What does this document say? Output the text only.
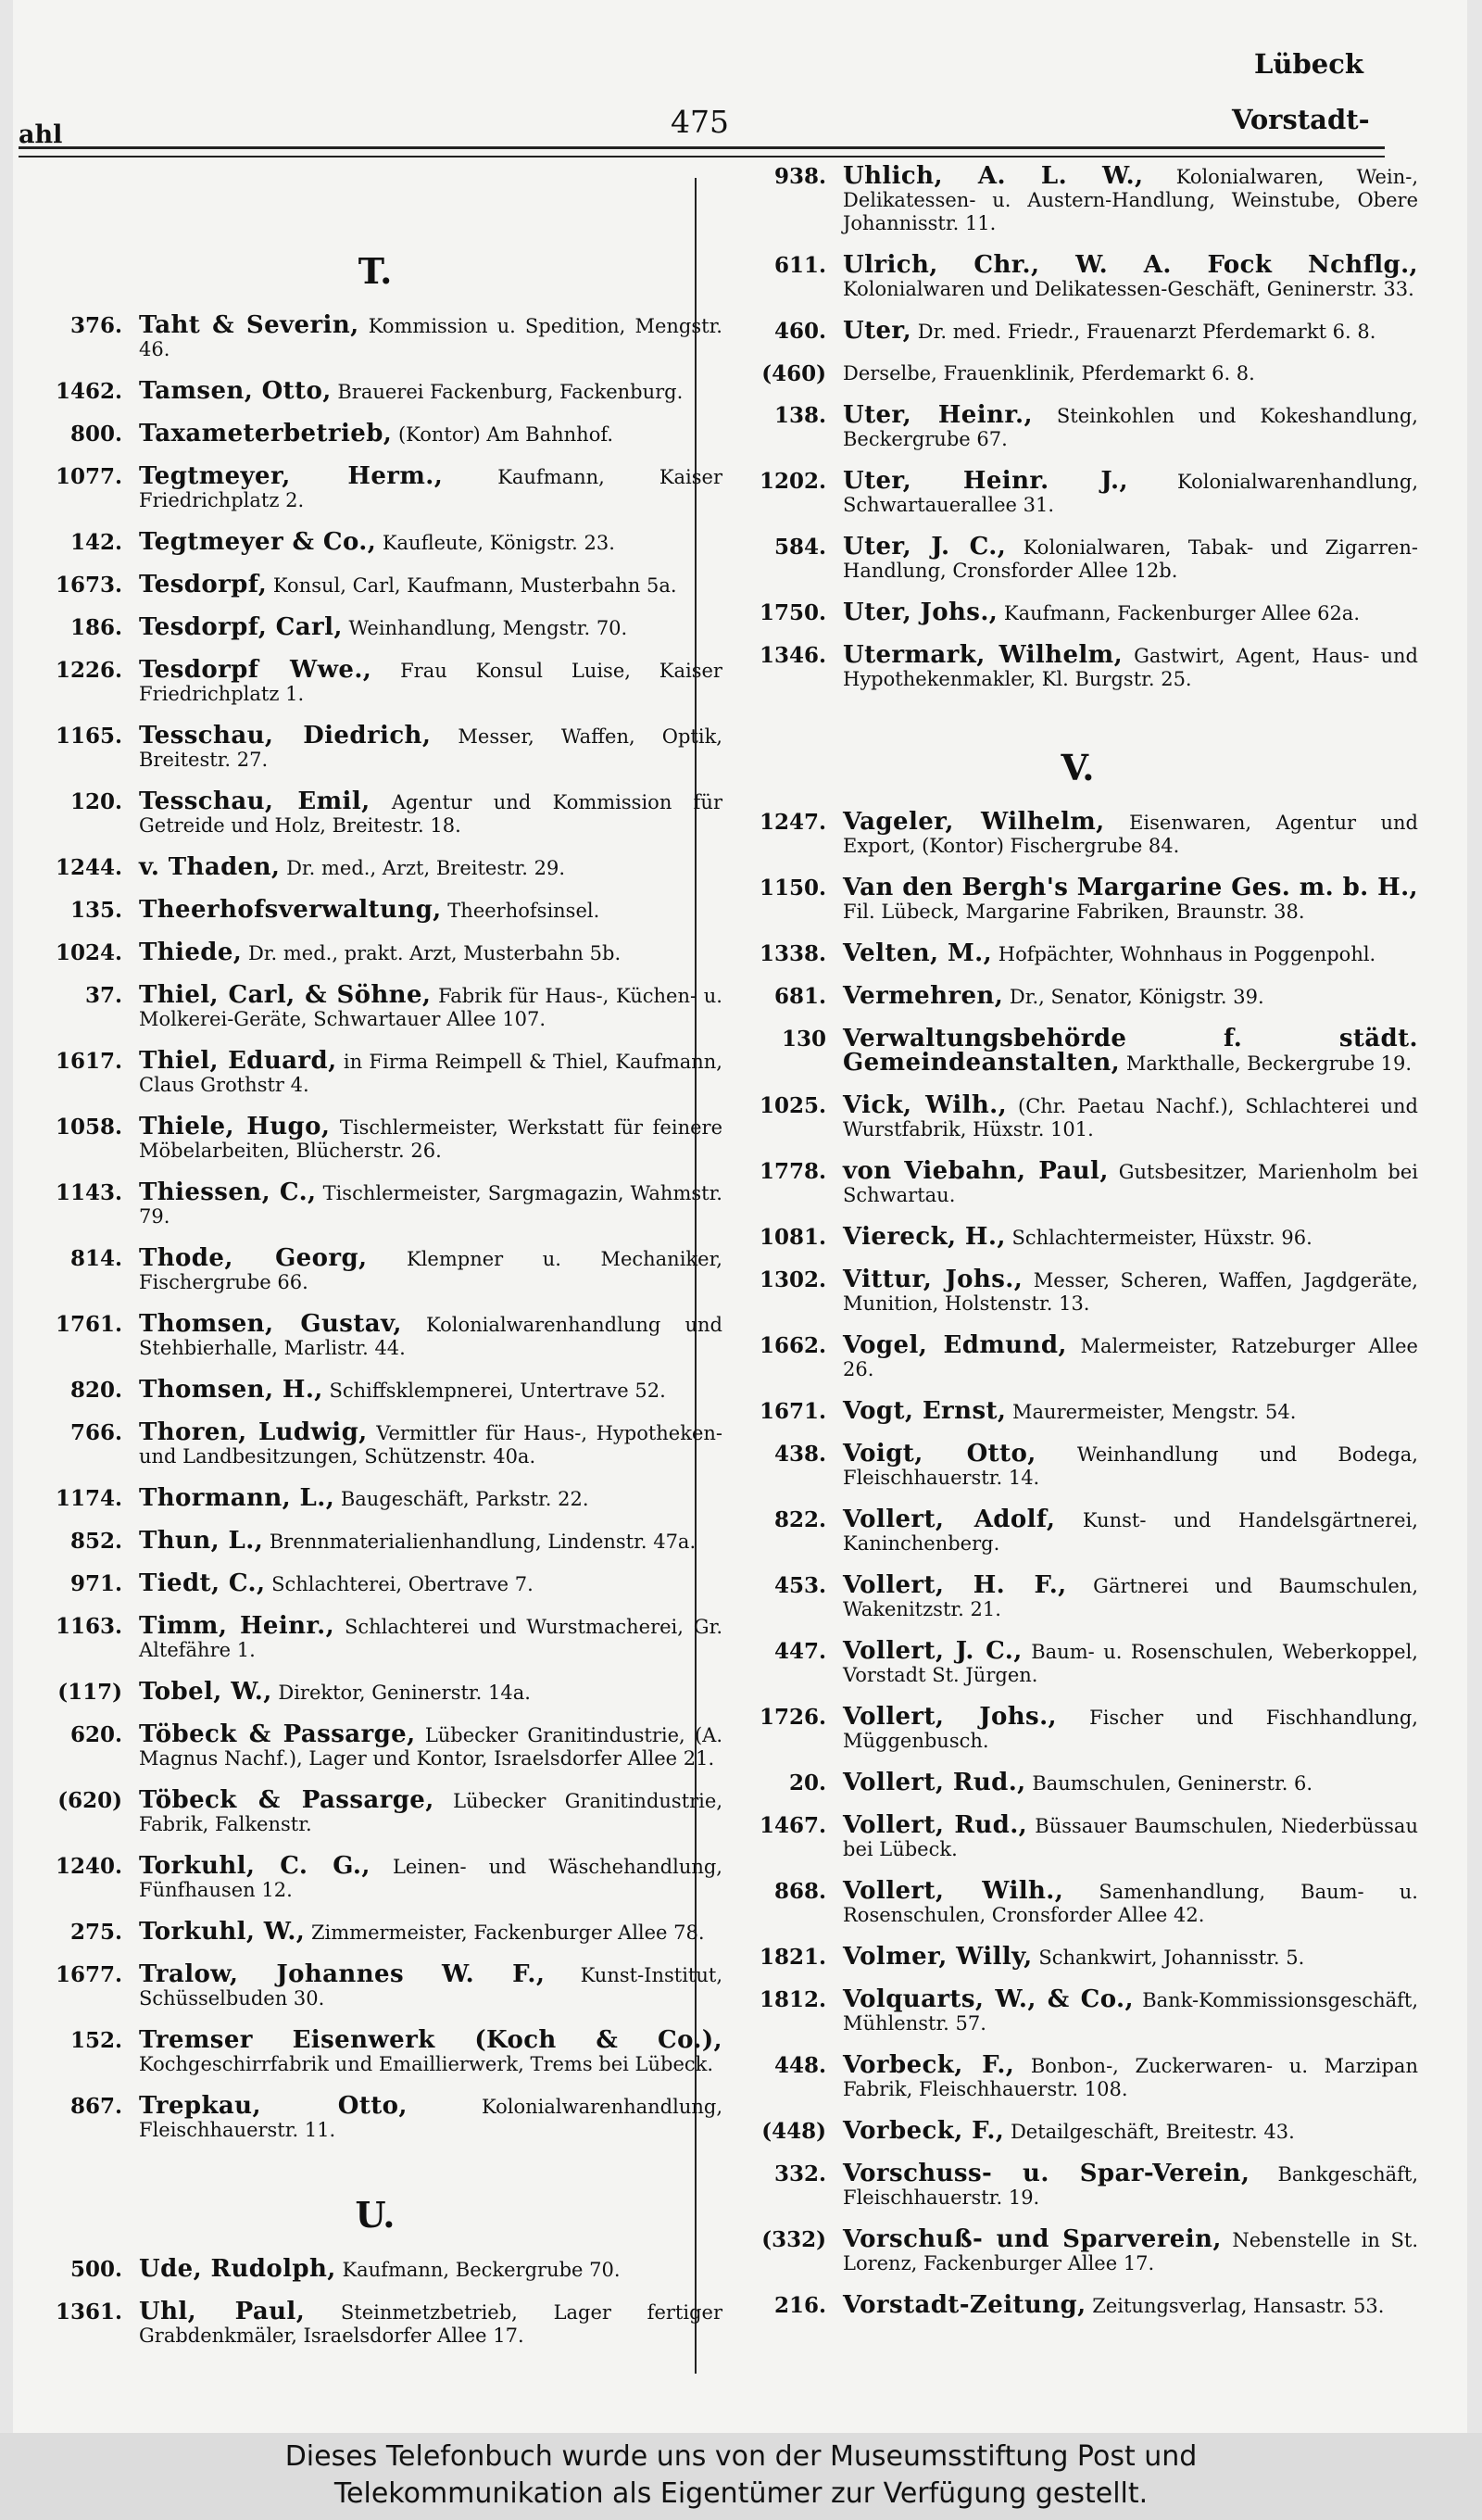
ahl	475
Lübeck
Vorstadt-
T.
376. Taht & Severin, Kommission u. Spedition, Mengstr. 46.
1462. Tamsen, Otto, Brauerei Fackenburg, Fackenburg.
800. Taxameterbetrieb, (Kontor) Am Bahnhof.
1077. Tegtmeyer, Herm.,	Kaufmann, Kaiser Friedrichplatz 2.
142. Tegtmeyer & Co., Kaufleute, Königstr. 23.
1673. Tesdorpf, Konsul, Carl, Kaufmann, Musterbahn 5a.
186. Tesdorpf, Carl, Weinhandlung, Mengstr. 70.
1226. Tesdorpf Wwe., Frau Konsul Luise, Kaiser Friedrichplatz 1.
1165. Tesschau, Diedrich, Messer, Waffen, Optik, Breitestr. 27.
120. Tesschau, Emil, Agentur und Kommission für Getreide und Holz, Breitestr. 18.
1244. v. Thaden, Dr. med., Arzt, Breitestr. 29.
135. Theerhofsverwaltung, Theerhofsinsel.
1024. Thiede, Dr. med., prakt. Arzt, Musterbahn 5b.
37. Thiel, Carl, & Söhne, Fabrik für Haus-, Küchen- u. Molkerei-Geräte, Schwartauer Allee 107.
1617. Thiel, Eduard, in Firma Reimpell & Thiel, Kaufmann, Claus Grothstr 4.
1058. Thiele, Hugo, Tischlermeister, Werkstatt für feinere Möbelarbeiten, Blücherstr. 26.
1143. Thiessen, C., Tischlermeister, Sargmagazin, Wahmstr. 79.
814. Thode, Georg, Klempner u. Mechaniker, Fischergrube 66.
1761. Thomsen, Gustav, Kolonialwarenhandlung und Stehbierhalle, Marlistr. 44.
820. Thomsen, H., Schiffsklempnerei, Untertrave 52.
766. Thoren, Ludwig, Vermittler für Haus-, Hypotheken- und Landbesitzungen, Schützenstr. 40a.
1174. Thormann, L., Baugeschäft, Parkstr. 22.
852. Thun, L., Brennmaterialienhandlung, Lindenstr. 47a.
971. Tiedt, C., Schlachterei, Obertrave 7.
1163. Timm, Heinr., Schlachterei und Wurstmacherei, Gr. Altefähre 1.
(117) Tobel, W., Direktor, Geninerstr. 14a.
620. Töbeck & Passarge, Lübecker Granitindustrie, (A. Magnus Nachf.), Lager und Kontor, Israelsdorfer Allee 21.
(620) Töbeck & Passarge, Lübecker Granitindustrie, Fabrik, Falkenstr.
1240. Torkuhl, C. G., Leinen- und Wäschehandlung, Fünfhausen 12.
275. Torkuhl, W., Zimmermeister, Fackenburger Allee 78.
1677. Tralow, Johannes W. F., Kunst-Institut, Schüsselbuden 30.
152. Tremser Eisenwerk (Koch & Co.), Kochgeschirrfabrik und Emaillierwerk, Trems bei Lübeck.
867. Trepkau, Otto,	Kolonialwarenhandlung, Fleischhauerstr. 11.
U.
500. Ude, Rudolph, Kaufmann, Beckergrube 70.
1361. Uhl, Paul, Steinmetzbetrieb, Lager fertiger Grabdenkmäler, Israelsdorfer Allee 17.
938. Uhlich, A. L. W., Kolonialwaren, Wein-, Delikatessen- u. Austern-Handlung, Weinstube, Obere Johannisstr. 11.
611. Ulrich, Chr., W. A. Fock Nchflg., Kolonialwaren und Delikatessen-Geschäft, Geninerstr. 33.
460. Uter, Dr. med. Friedr., Frauenarzt Pferdemarkt 6. 8.
(460) Derselbe, Frauenklinik, Pferdemarkt 6. 8.
138. Uter, Heinr., Steinkohlen und Kokeshandlung, Beckergrube 67.
1202. Uter, Heinr. J.,	Kolonialwarenhandlung, Schwartauerallee 31.
584. Uter, J. C., Kolonialwaren, Tabak- und Zigarren-Handlung, Cronsforder Allee 12b.
1750. Uter, Johs., Kaufmann, Fackenburger Allee 62a.
1346. Utermark, Wilhelm, Gastwirt, Agent, Haus- und Hypothekenmakler, Kl. Burgstr. 25.
V.
1247. Vageler, Wilhelm, Eisenwaren, Agentur und Export, (Kontor) Fischergrube 84.
1150. Van den Bergh's Margarine Ges. m. b. H., Fil. Lübeck, Margarine Fabriken, Braunstr. 38.
1338. Velten, M., Hofpächter, Wohnhaus in Poggenpohl.
681. Vermehren, Dr., Senator, Königstr. 39.
130 Verwaltungsbehörde f. städt. Gemeindeanstalten, Markthalle, Beckergrube 19.
1025. Vick, Wilh., (Chr. Paetau Nachf.), Schlachterei und Wurstfabrik, Hüxstr. 101.
1778. von Viebahn, Paul, Gutsbesitzer, Marienholm bei Schwartau.
1081. Viereck, H., Schlachtermeister, Hüxstr. 96.
1302. Vittur, Johs., Messer, Scheren, Waffen, Jagdgeräte, Munition, Holstenstr. 13.
1662. Vogel, Edmund, Malermeister, Ratzeburger Allee 26.
1671. Vogt, Ernst, Maurermeister, Mengstr. 54.
438. Voigt, Otto, Weinhandlung und Bodega, Fleischhauerstr. 14.
822. Vollert, Adolf, Kunst- und Handelsgärtnerei, Kaninchenberg.
453. Vollert, H. F., Gärtnerei und Baumschulen, Wakenitzstr. 21.
447. Vollert, J. C., Baum- u. Rosenschulen, Weberkoppel, Vorstadt St. Jürgen.
1726. Vollert, Johs., Fischer und Fischhandlung, Müggenbusch.
20. Vollert, Rud., Baumschulen, Geninerstr. 6.
1467. Vollert, Rud., Büssauer Baumschulen, Niederbüssau bei Lübeck.
868. Vollert, Wilh., Samenhandlung, Baum- u. Rosenschulen, Cronsforder Allee 42.
1821. Volmer, Willy, Schankwirt, Johannisstr. 5.
1812. Volquarts, W., & Co., Bank-Kommissionsgeschäft, Mühlenstr. 57.
448. Vorbeck, F., Bonbon-, Zuckerwaren- u. Marzipan Fabrik, Fleischhauerstr. 108.
(448) Vorbeck, F., Detailgeschäft, Breitestr. 43.
332. Vorschuss- u. Spar-Verein, Bankgeschäft, Fleischhauerstr. 19.
(332) Vorschuß- und Sparverein, Nebenstelle in St. Lorenz, Fackenburger Allee 17.
216. Vorstadt-Zeitung, Zeitungsverlag, Hansastr. 53.
Dieses Telefonbuch wurde uns von der Museumsstiftung Post und
Telekommunikation als Eigentümer zur Verfügung gestellt.
